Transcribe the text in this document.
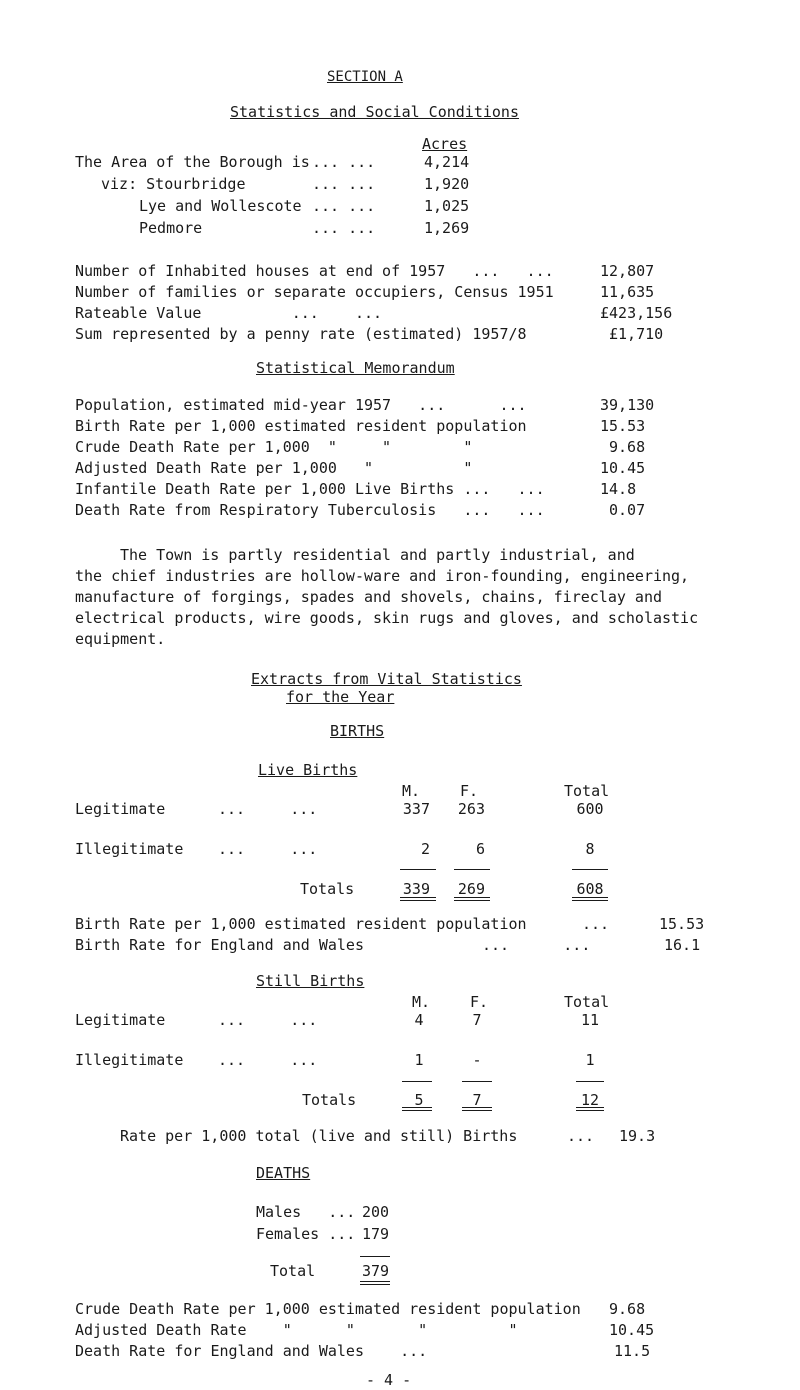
SECTION A
Statistics and Social Conditions
Acres
The Area of the Borough is ... ...	4,214
viz: Stourbridge	... ...	1,920
Lye and Wollescote ... ...	1,025
Pedmore	... ...	1,269
Number of Inhabited houses at end of 1957   ...   ...	12,807
Number of families or separate occupiers, Census 1951	11,635
Rateable Value          ...    ...	£423,156
Sum represented by a penny rate (estimated) 1957/8	£1,710
Statistical Memorandum
Population, estimated mid-year 1957   ...      ...	39,130
Birth Rate per 1,000 estimated resident population	15.53
Crude Death Rate per 1,000  "     "        "	9.68
Adjusted Death Rate per 1,000   "          "	10.45
Infantile Death Rate per 1,000 Live Births ...   ...	14.8
Death Rate from Respiratory Tuberculosis   ...   ...	0.07
The Town is partly residential and partly industrial, and
the chief industries are hollow-ware and iron-founding, engineering,
manufacture of forgings, spades and shovels, chains, fireclay and
electrical products, wire goods, skin rugs and gloves, and scholastic
equipment.
Extracts from Vital Statistics
for the Year
BIRTHS
Live Births
M.	F.	Total
Legitimate	...     ...	337	263	600
Illegitimate ...     ...	2	6	8
Totals	339	269	608
Birth Rate per 1,000 estimated resident population	...	15.53
Birth Rate for England and Wales	...      ...	16.1
Still Births
M.	F.	Total
Legitimate	...     ...	4	7	11
Illegitimate ...     ...	1	-	1
Totals	5	7	12
Rate per 1,000 total (live and still) Births	... 19.3
DEATHS
Males   ... 200
Females ... 179
Total	379
Crude Death Rate per 1,000 estimated resident population 9.68
Adjusted Death Rate    "      "       "         "	10.45
Death Rate for England and Wales    ...	11.5
- 4 -
